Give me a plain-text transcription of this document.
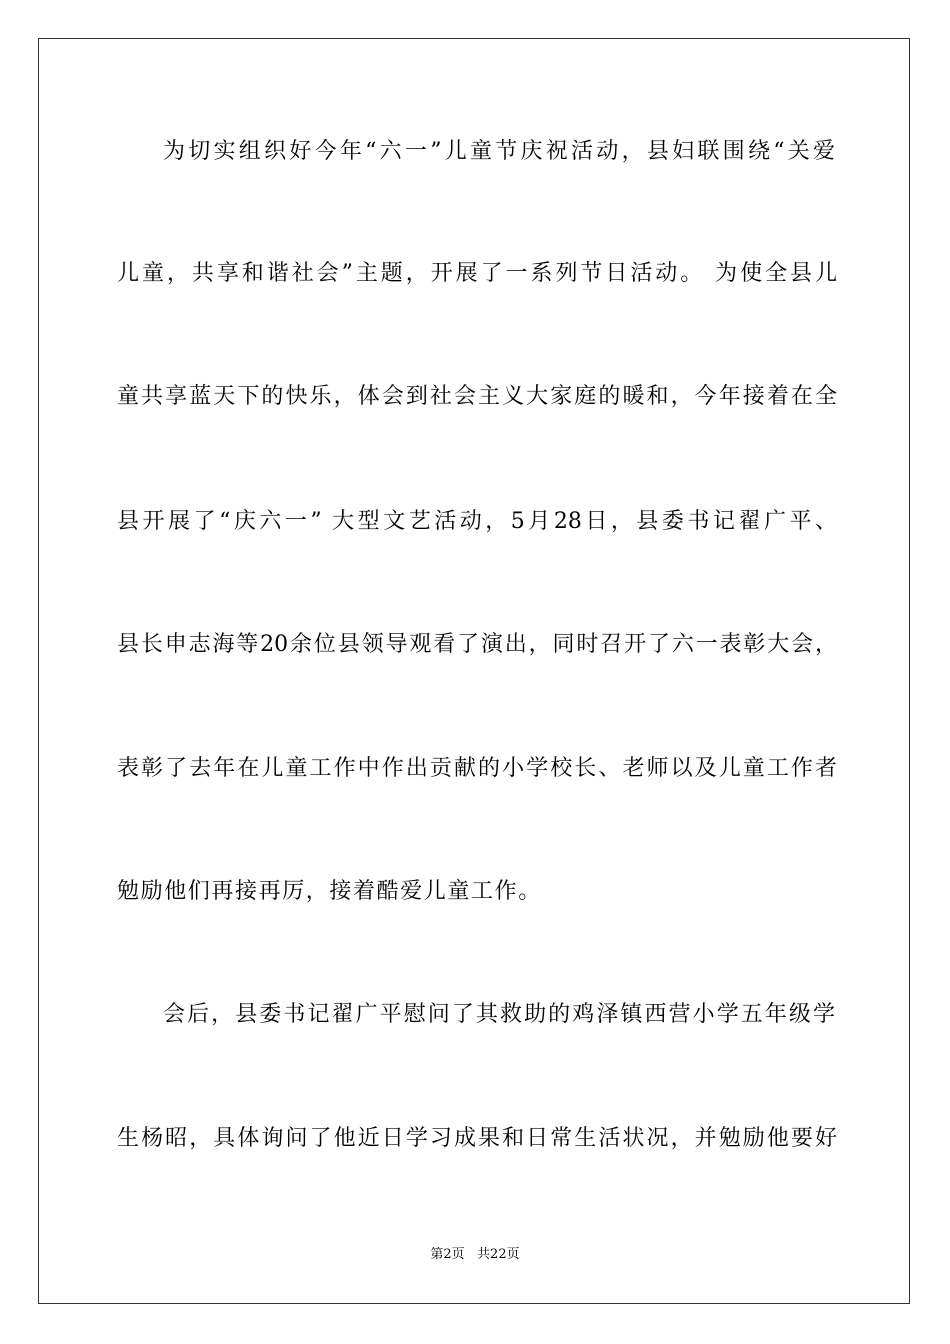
为切实组织好今年“六一”儿童节庆祝活动，县妇联围绕“关爱
儿童，共享和谐社会”主题，开展了一系列节日活动。 为使全县儿
童共享蓝天下的快乐，体会到社会主义大家庭的暖和，今年接着在全
县开展了“庆六一” 大型文艺活动，5月28日，县委书记翟广平、
县长申志海等20余位县领导观看了演出，同时召开了六一表彰大会，
表彰了去年在儿童工作中作出贡献的小学校长、老师以及儿童工作者
勉励他们再接再厉，接着酷爱儿童工作。
会后，县委书记翟广平慰问了其救助的鸡泽镇西营小学五年级学
生杨昭，具体询问了他近日学习成果和日常生活状况，并勉励他要好
第2页   共22页
